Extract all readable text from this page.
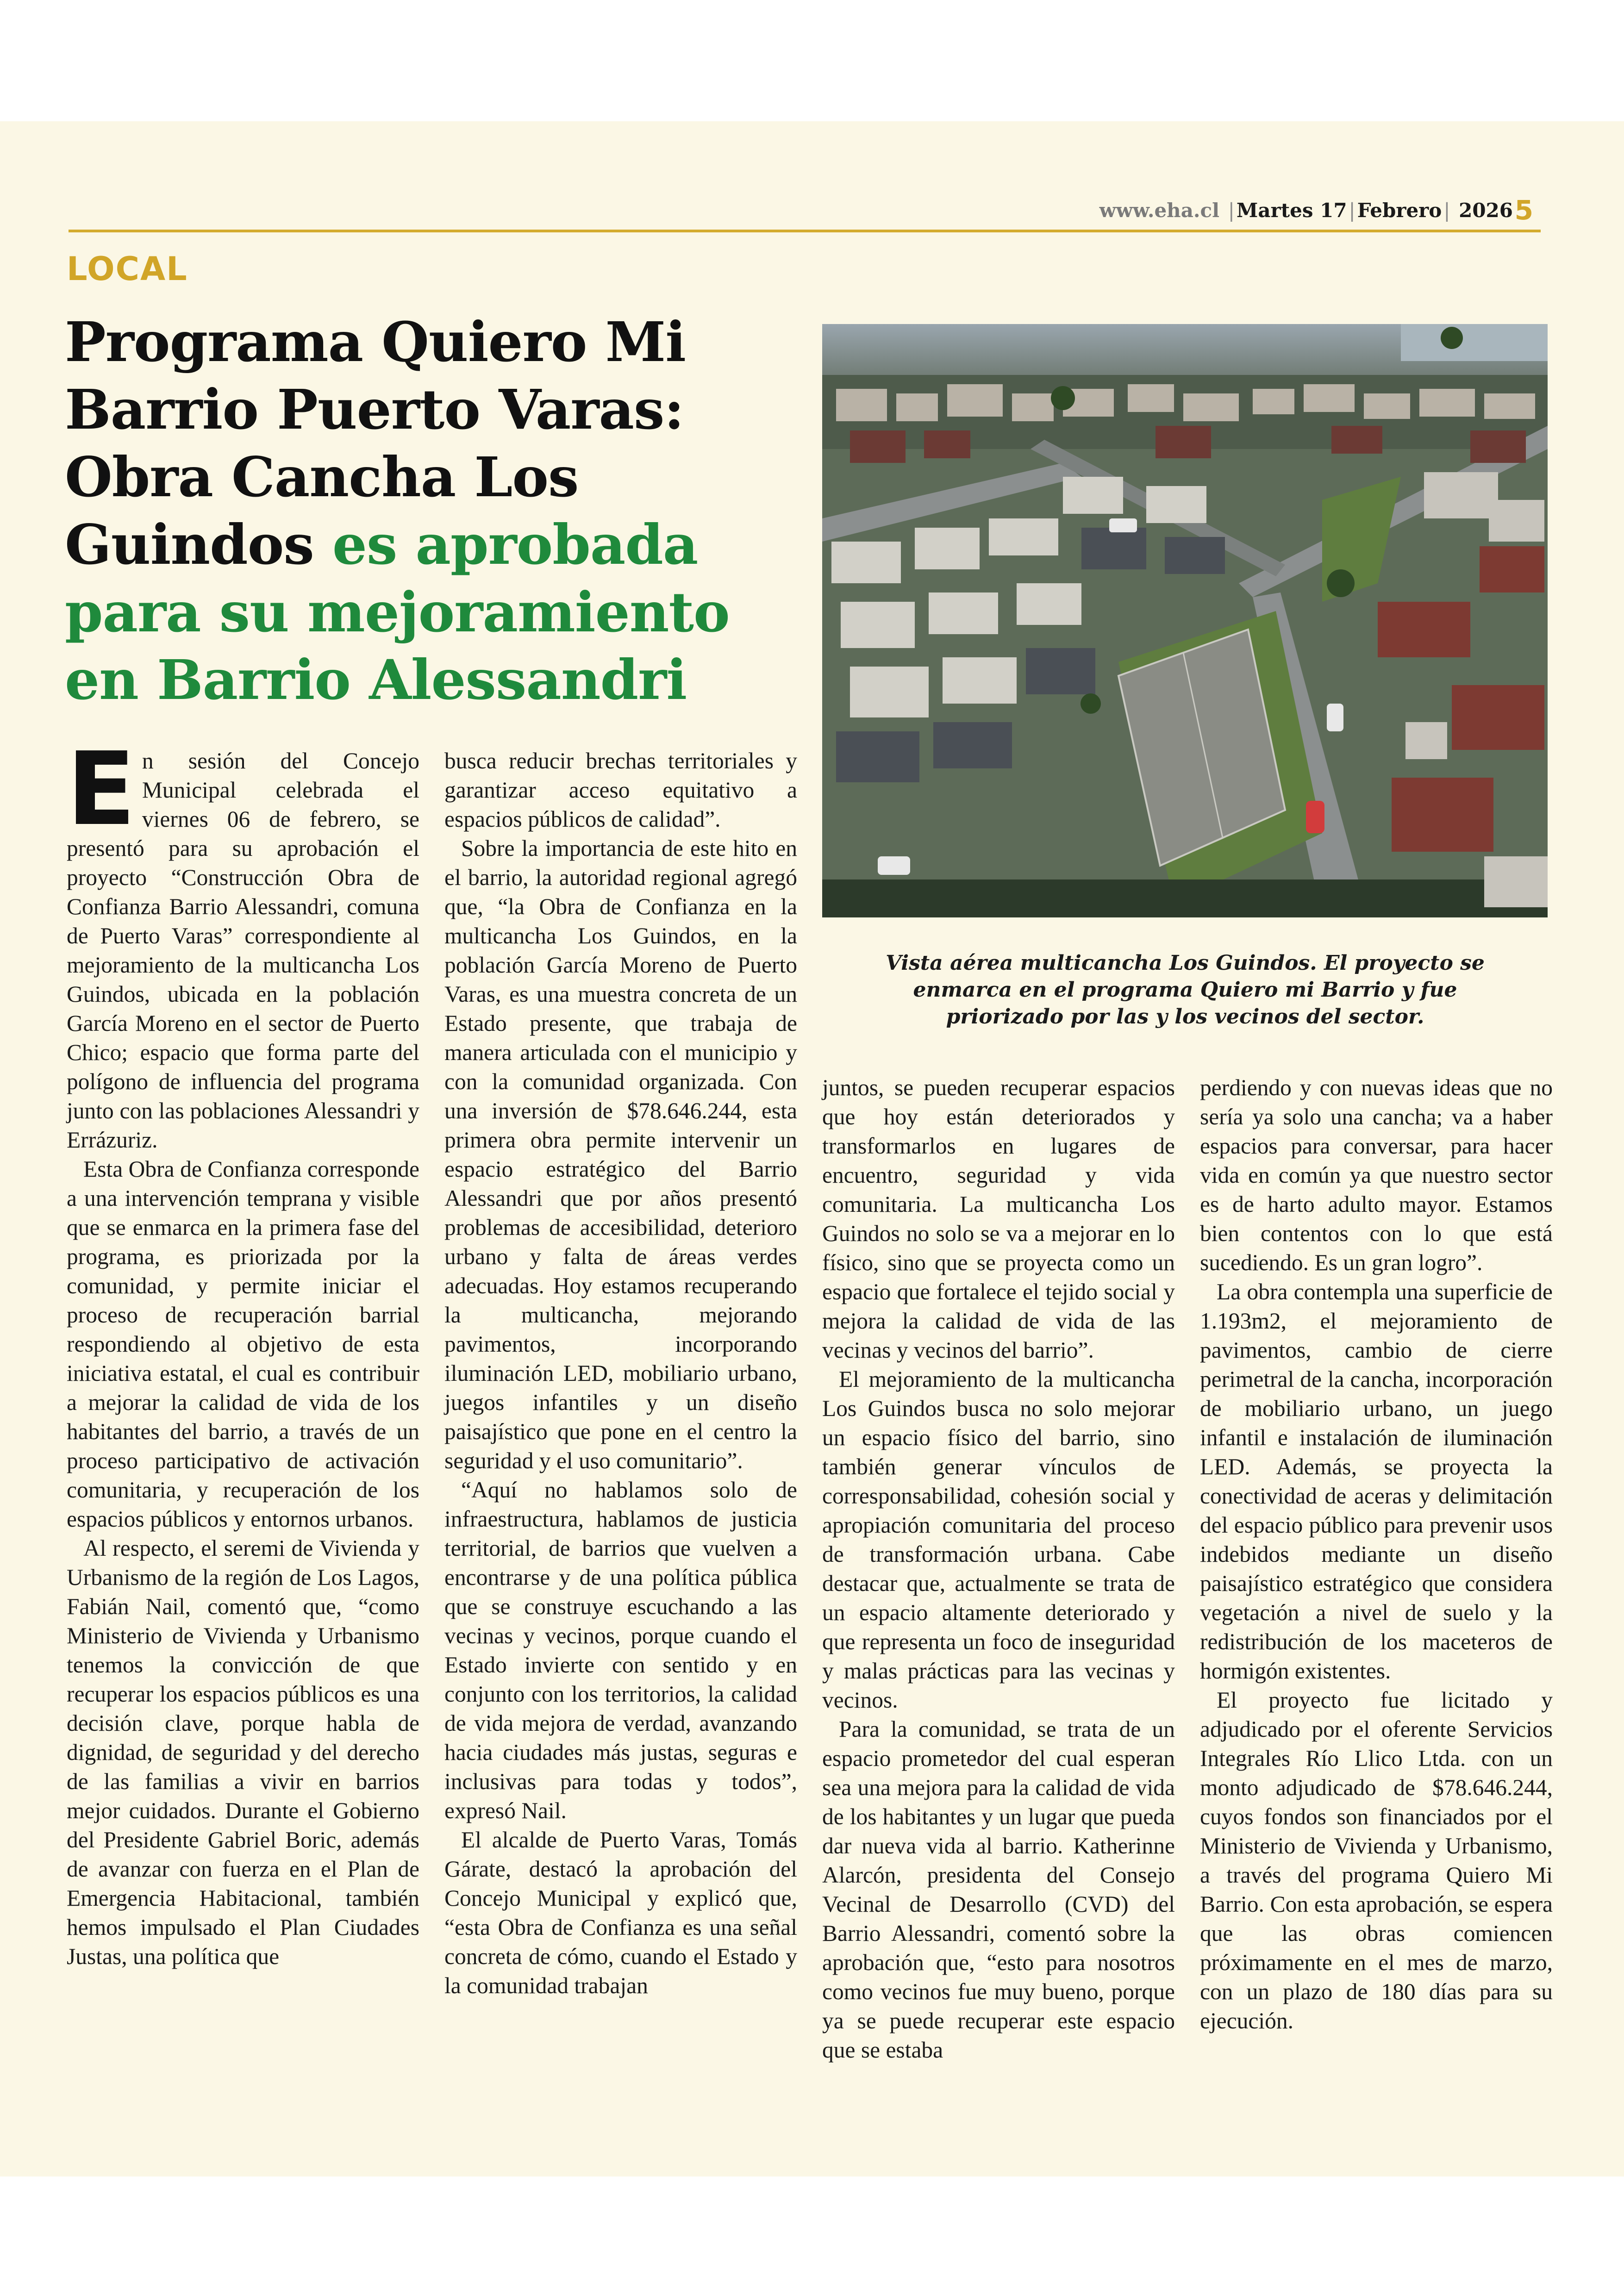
www.eha.cl |Martes 17|Febrero| 2026 5
LOCAL
Programa Quiero Mi Barrio Puerto Varas: Obra Cancha Los Guindos es aprobada para su mejoramiento en Barrio Alessandri
Vista aérea multicancha Los Guindos. El proyecto se enmarca en el programa Quiero mi Barrio y fue priorizado por las y los vecinos del sector.
E n sesión del Concejo Municipal celebrada el viernes 06 de febrero, se presentó para su aprobación el proyecto “Construcción Obra de Confianza Barrio Alessandri, comuna de Puerto Varas” correspondiente al mejoramiento de la multicancha Los Guindos, ubicada en la población García Moreno en el sector de Puerto Chico; espacio que forma parte del polígono de influencia del programa junto con las poblaciones Alessandri y Errázuriz.

Esta Obra de Confianza corresponde a una intervención temprana y visible que se enmarca en la primera fase del programa, es priorizada por la comunidad, y permite iniciar el proceso de recuperación barrial respondiendo al objetivo de esta iniciativa estatal, el cual es contribuir a mejorar la calidad de vida de los habitantes del barrio, a través de un proceso participativo de activación comunitaria, y recuperación de los espacios públicos y entornos urbanos.

Al respecto, el seremi de Vivienda y Urbanismo de la región de Los Lagos, Fabián Nail, comentó que, “como Ministerio de Vivienda y Urbanismo tenemos la convicción de que recuperar los espacios públicos es una decisión clave, porque habla de dignidad, de seguridad y del derecho de las familias a vivir en barrios mejor cuidados. Durante el Gobierno del Presidente Gabriel Boric, además de avanzar con fuerza en el Plan de Emergencia Habitacional, también hemos impulsado el Plan Ciudades Justas, una política que

busca reducir brechas territoriales y garantizar acceso equitativo a espacios públicos de calidad”.

Sobre la importancia de este hito en el barrio, la autoridad regional agregó que, “la Obra de Confianza en la multicancha Los Guindos, en la población García Moreno de Puerto Varas, es una muestra concreta de un Estado presente, que trabaja de manera articulada con el municipio y con la comunidad organizada. Con una inversión de $78.646.244, esta primera obra permite intervenir un espacio estratégico del Barrio Alessandri que por años presentó problemas de accesibilidad, deterioro urbano y falta de áreas verdes adecuadas. Hoy estamos recuperando la multicancha, mejorando pavimentos, incorporando iluminación LED, mobiliario urbano, juegos infantiles y un diseño paisajístico que pone en el centro la seguridad y el uso comunitario”.

“Aquí no hablamos solo de infraestructura, hablamos de justicia territorial, de barrios que vuelven a encontrarse y de una política pública que se construye escuchando a las vecinas y vecinos, porque cuando el Estado invierte con sentido y en conjunto con los territorios, la calidad de vida mejora de verdad, avanzando hacia ciudades más justas, seguras e inclusivas para todas y todos”, expresó Nail.

El alcalde de Puerto Varas, Tomás Gárate, destacó la aprobación del Concejo Municipal y explicó que, “esta Obra de Confianza es una señal concreta de cómo, cuando el Estado y la comunidad trabajan

juntos, se pueden recuperar espacios que hoy están deteriorados y transformarlos en lugares de encuentro, seguridad y vida comunitaria. La multicancha Los Guindos no solo se va a mejorar en lo físico, sino que se proyecta como un espacio que fortalece el tejido social y mejora la calidad de vida de las vecinas y vecinos del barrio”.

El mejoramiento de la multicancha Los Guindos busca no solo mejorar un espacio físico del barrio, sino también generar vínculos de corresponsabilidad, cohesión social y apropiación comunitaria del proceso de transformación urbana. Cabe destacar que, actualmente se trata de un espacio altamente deteriorado y que representa un foco de inseguridad y malas prácticas para las vecinas y vecinos.

Para la comunidad, se trata de un espacio prometedor del cual esperan sea una mejora para la calidad de vida de los habitantes y un lugar que pueda dar nueva vida al barrio. Katherinne Alarcón, presidenta del Consejo Vecinal de Desarrollo (CVD) del Barrio Alessandri, comentó sobre la aprobación que, “esto para nosotros como vecinos fue muy bueno, porque ya se puede recuperar este espacio que se estaba

perdiendo y con nuevas ideas que no sería ya solo una cancha; va a haber espacios para conversar, para hacer vida en común ya que nuestro sector es de harto adulto mayor. Estamos bien contentos con lo que está sucediendo. Es un gran logro”.

La obra contempla una superficie de 1.193m2, el mejoramiento de pavimentos, cambio de cierre perimetral de la cancha, incorporación de mobiliario urbano, un juego infantil e instalación de iluminación LED. Además, se proyecta la conectividad de aceras y delimitación del espacio público para prevenir usos indebidos mediante un diseño paisajístico estratégico que considera vegetación a nivel de suelo y la redistribución de los maceteros de hormigón existentes.

El proyecto fue licitado y adjudicado por el oferente Servicios Integrales Río Llico Ltda. con un monto adjudicado de $78.646.244, cuyos fondos son financiados por el Ministerio de Vivienda y Urbanismo, a través del programa Quiero Mi Barrio. Con esta aprobación, se espera que las obras comiencen próximamente en el mes de marzo, con un plazo de 180 días para su ejecución.
